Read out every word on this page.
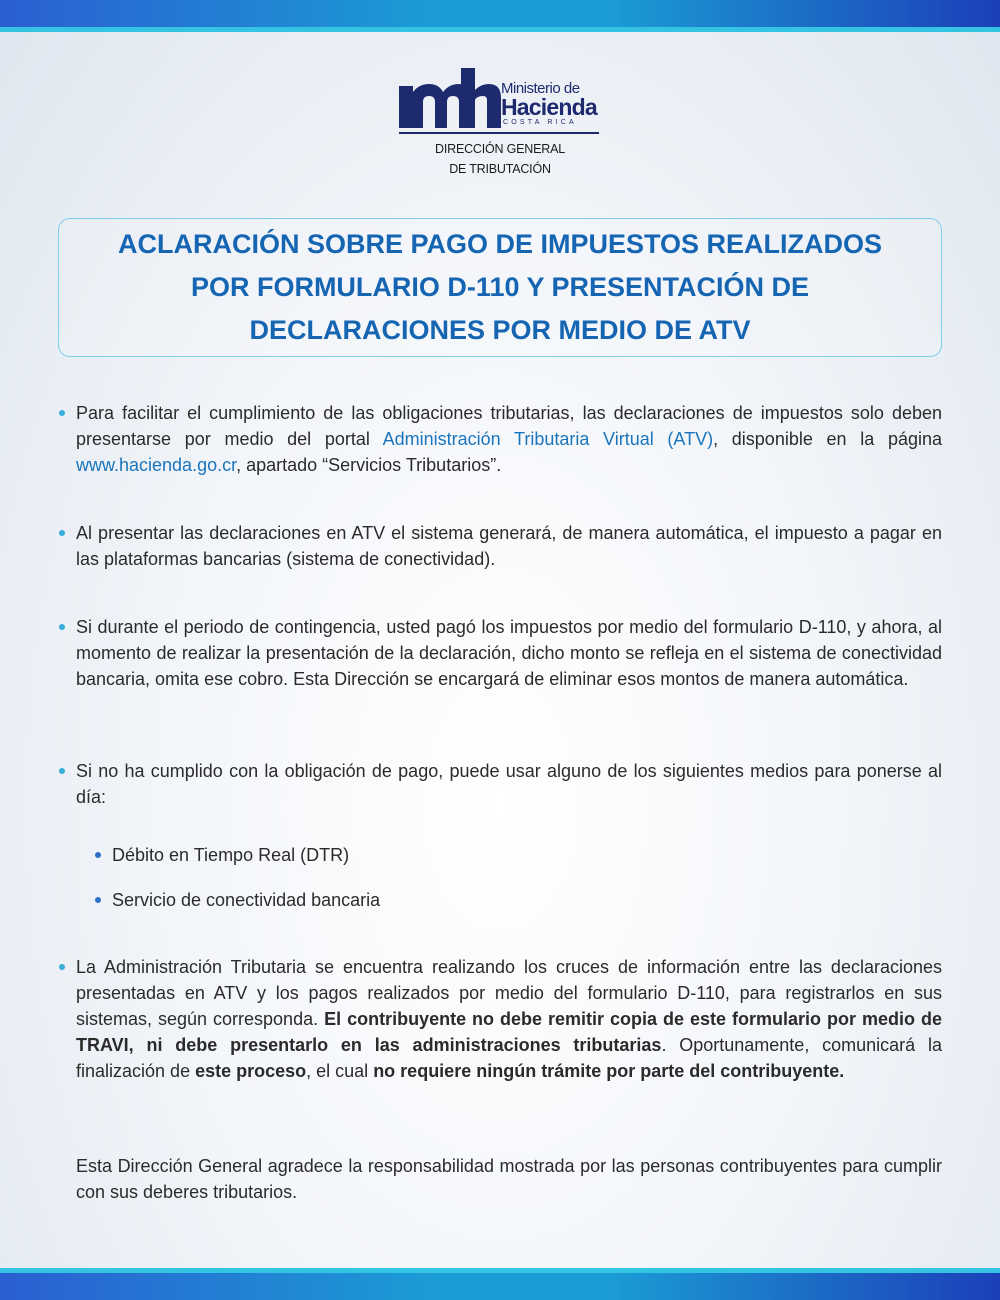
Ministerio de
Hacienda
COSTA RICA
DIRECCIÓN GENERAL
DE TRIBUTACIÓN
ACLARACIÓN SOBRE PAGO DE IMPUESTOS REALIZADOS
POR FORMULARIO D-110 Y PRESENTACIÓN DE
DECLARACIONES POR MEDIO DE ATV

Para facilitar el cumplimiento de las obligaciones tributarias, las declaraciones de impuestos solo deben presentarse por medio del portal Administración Tributaria Virtual (ATV), disponible en la página www.hacienda.go.cr, apartado “Servicios Tributarios”.

Al presentar las declaraciones en ATV el sistema generará, de manera automática, el impuesto a pagar en las plataformas bancarias (sistema de conectividad).

Si durante el periodo de contingencia, usted pagó los impuestos por medio del formulario D-110, y ahora, al momento de realizar la presentación de la declaración, dicho monto se refleja en el sistema de conectividad bancaria, omita ese cobro. Esta Dirección se encargará de eliminar esos montos de manera automática.

Si no ha cumplido con la obligación de pago, puede usar alguno de los siguientes medios para ponerse al día:

Débito en Tiempo Real (DTR)
Servicio de conectividad bancaria

La Administración Tributaria se encuentra realizando los cruces de información entre las declaraciones presentadas en ATV y los pagos realizados por medio del formulario D-110, para registrarlos en sus sistemas, según corresponda. El contribuyente no debe remitir copia de este formulario por medio de TRAVI, ni debe presentarlo en las administraciones tributarias. Oportunamente, comunicará la finalización de este proceso, el cual no requiere ningún trámite por parte del contribuyente.

Esta Dirección General agradece la responsabilidad mostrada por las personas contribuyentes para cumplir con sus deberes tributarios.
